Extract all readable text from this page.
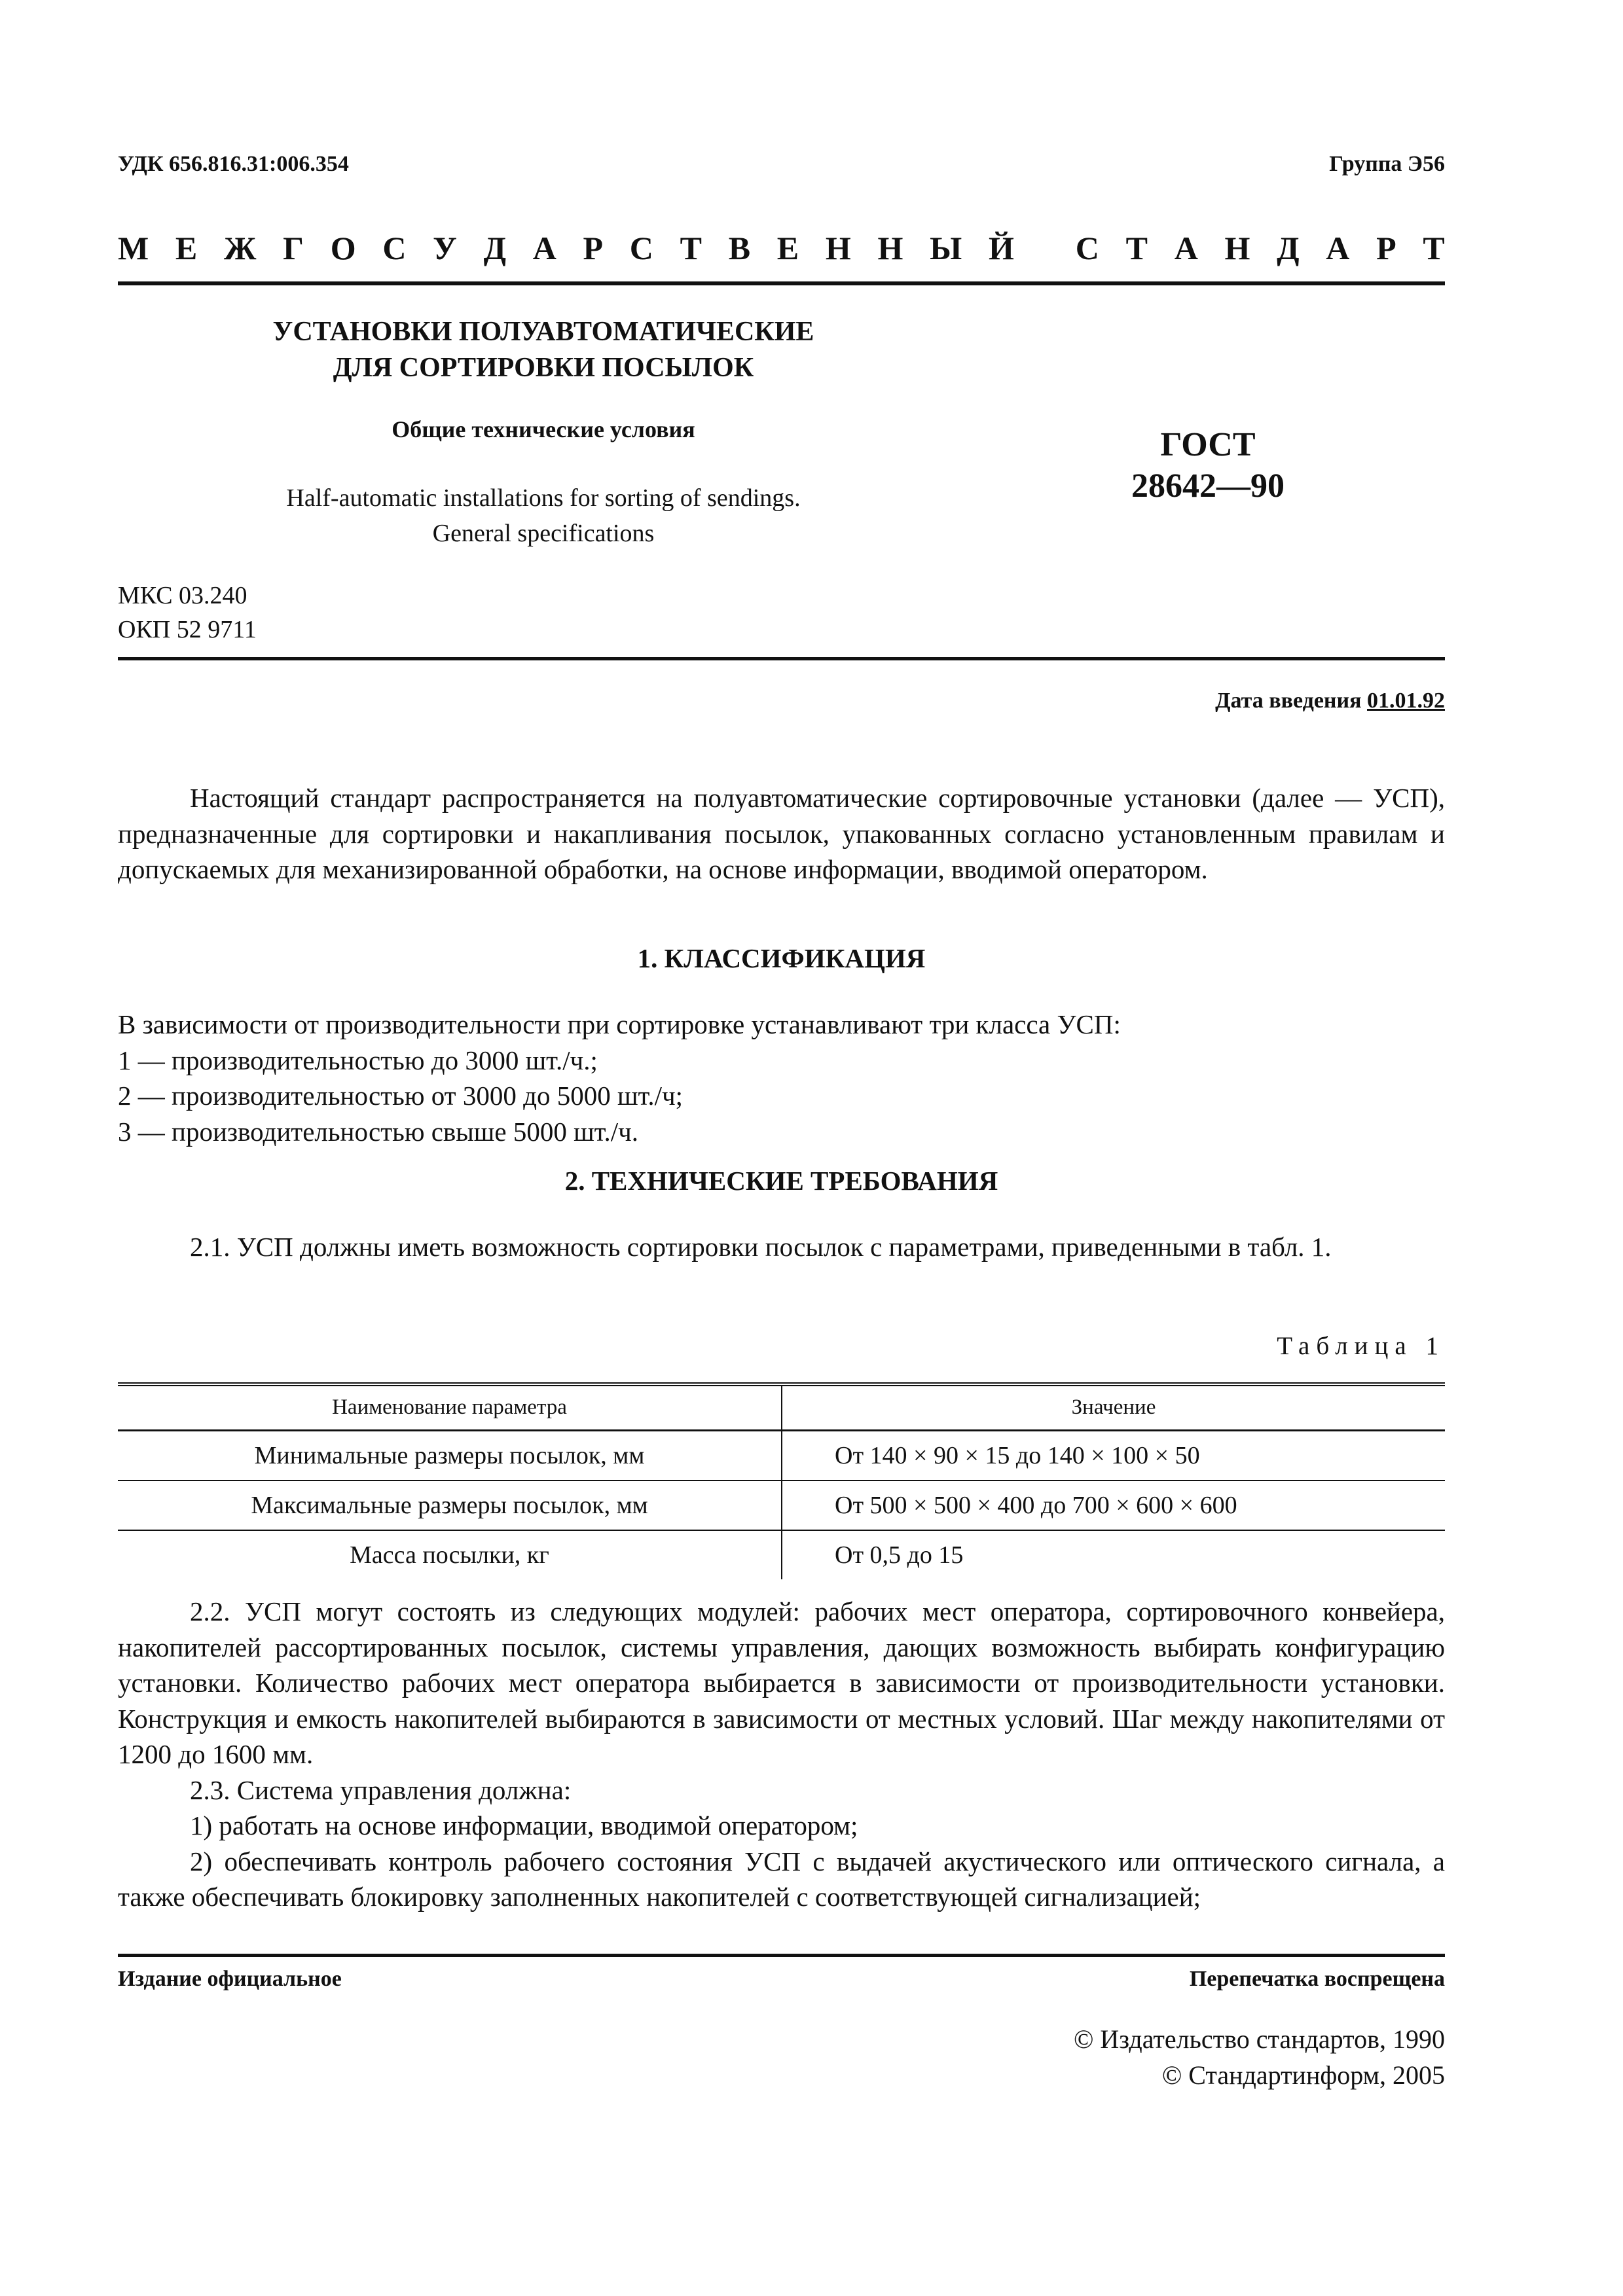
УДК 656.816.31:006.354	Группа Э56
М Е Ж Г О С У Д А Р С Т В Е Н Н Ы Й
С Т А Н Д А Р Т
УСТАНОВКИ ПОЛУАВТОМАТИЧЕСКИЕ
ДЛЯ СОРТИРОВКИ ПОСЫЛОК
Общие технические условия
Half-automatic installations for sorting of sendings.
General specifications
ГОСТ
28642—90
МКС 03.240
ОКП 52 9711
Дата введения 01.01.92
Настоящий стандарт распространяется на полуавтоматические сортировочные установки (далее — УСП), предназначенные для сортировки и накапливания посылок, упакованных согласно установленным правилам и допускаемых для механизированной обработки, на основе информации, вводимой оператором.
1. КЛАССИФИКАЦИЯ
В зависимости от производительности при сортировке устанавливают три класса УСП:
1 — производительностью до 3000 шт./ч.;
2 — производительностью от 3000 до 5000 шт./ч;
3 — производительностью свыше 5000 шт./ч.
2. ТЕХНИЧЕСКИЕ ТРЕБОВАНИЯ
2.1. УСП должны иметь возможность сортировки посылок с параметрами, приведенными в табл. 1.
Таблица 1
Наименование параметра	Значение
Минимальные размеры посылок, мм	От 140 × 90 × 15 до 140 × 100 × 50
Максимальные размеры посылок, мм	От 500 × 500 × 400 до 700 × 600 × 600
Масса посылки, кг	От 0,5 до 15
2.2. УСП могут состоять из следующих модулей: рабочих мест оператора, сортировочного конвейера, накопителей рассортированных посылок, системы управления, дающих возможность выбирать конфигурацию установки. Количество рабочих мест оператора выбирается в зависимости от производительности установки. Конструкция и емкость накопителей выбираются в зависимости от местных условий. Шаг между накопителями от 1200 до 1600 мм.
2.3. Система управления должна:
1) работать на основе информации, вводимой оператором;
2) обеспечивать контроль рабочего состояния УСП с выдачей акустического или оптического сигнала, а также обеспечивать блокировку заполненных накопителей с соответствующей сигнализацией;
Издание официальное	Перепечатка воспрещена
© Издательство стандартов, 1990
© Стандартинформ, 2005
